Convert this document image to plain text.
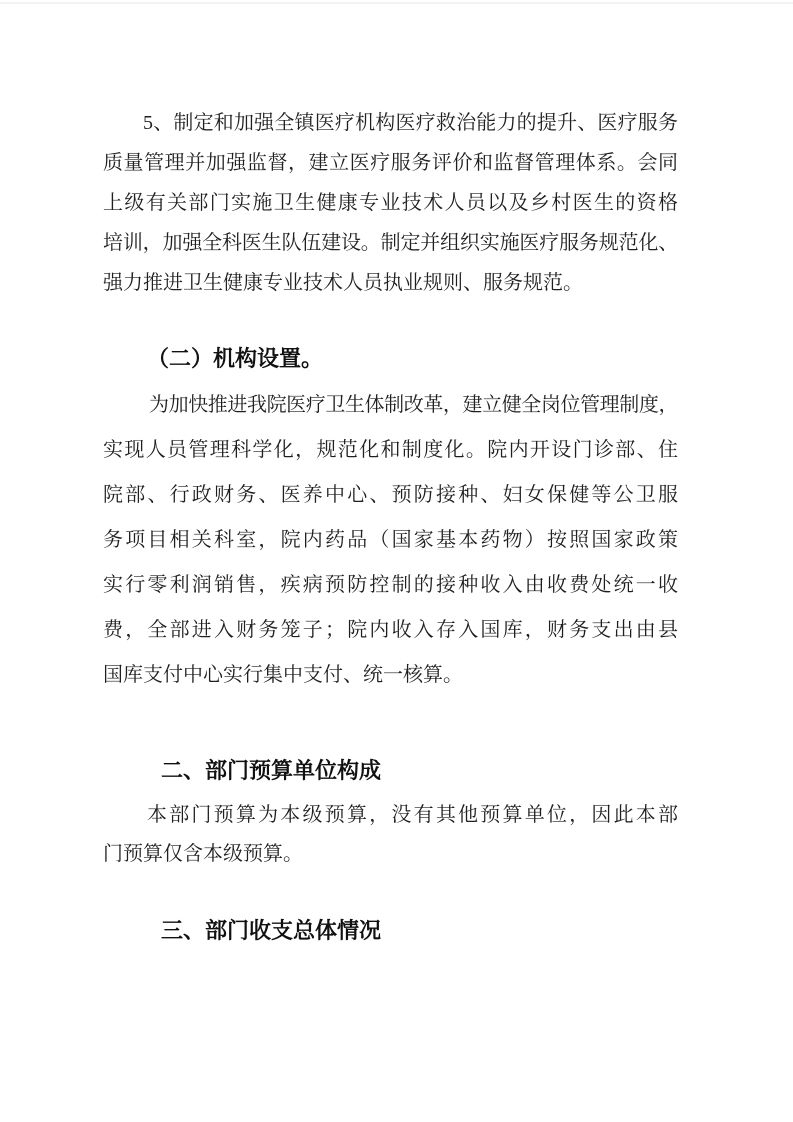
5、制定和加强全镇医疗机构医疗救治能力的提升、医疗服务

质量管理并加强监督，建立医疗服务评价和监督管理体系。会同

上级有关部门实施卫生健康专业技术人员以及乡村医生的资格

培训，加强全科医生队伍建设。制定并组织实施医疗服务规范化、

强力推进卫生健康专业技术人员执业规则、服务规范。

（二）机构设置。

为加快推进我院医疗卫生体制改革，建立健全岗位管理制度，

实现人员管理科学化，规范化和制度化。院内开设门诊部、住

院部、行政财务、医养中心、预防接种、妇女保健等公卫服

务项目相关科室，院内药品（国家基本药物）按照国家政策

实行零利润销售，疾病预防控制的接种收入由收费处统一收

费，全部进入财务笼子；院内收入存入国库，财务支出由县

国库支付中心实行集中支付、统一核算。

二、部门预算单位构成

本部门预算为本级预算，没有其他预算单位，因此本部

门预算仅含本级预算。

三、部门收支总体情况
